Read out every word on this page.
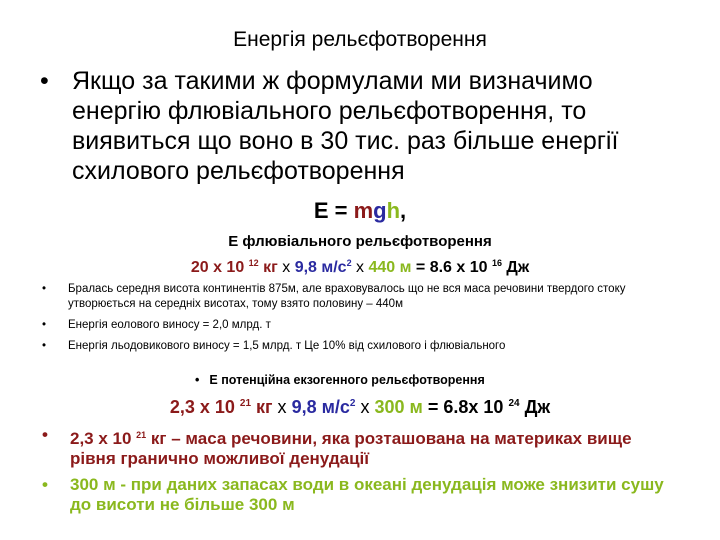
Енергія рельєфотворення
• Якщо за такими ж формулами ми визначимо енергію флювіального рельєфотворення, то виявиться що воно в 30 тис. раз більше енергії схилового рельєфотворення
E = mgh,
E флювіального рельєфотворення
20 x 10 $^{12}$ кг x 9,8 $м/с^2$ x 440 м = 8.6 x 10 $^{16}$ Дж
• Бралась середня висота континентів 875м, але враховувалось що не вся маса речовини твердого стоку утворюється на середніх висотах, тому взято половину – 440м
• Енергія еолового виносу = 2,0 млрд. т
• Енергія льодовикового виносу = 1,5 млрд. т Це 10% від схилового і флювіального
• E потенційна екзогенного рельєфотворення
2,3 x 10 $^{21}$ кг x 9,8 $м/с^2$ x 300 м = 6.8x 10 $^{24}$ Дж
• 2,3 x 10 $^{21}$ кг – маса речовини, яка розташована на материках вище рівня гранично можливої денудації
• 300 м - при даних запасах води в океані денудація може знизити сушу до висоти не більше 300 м
